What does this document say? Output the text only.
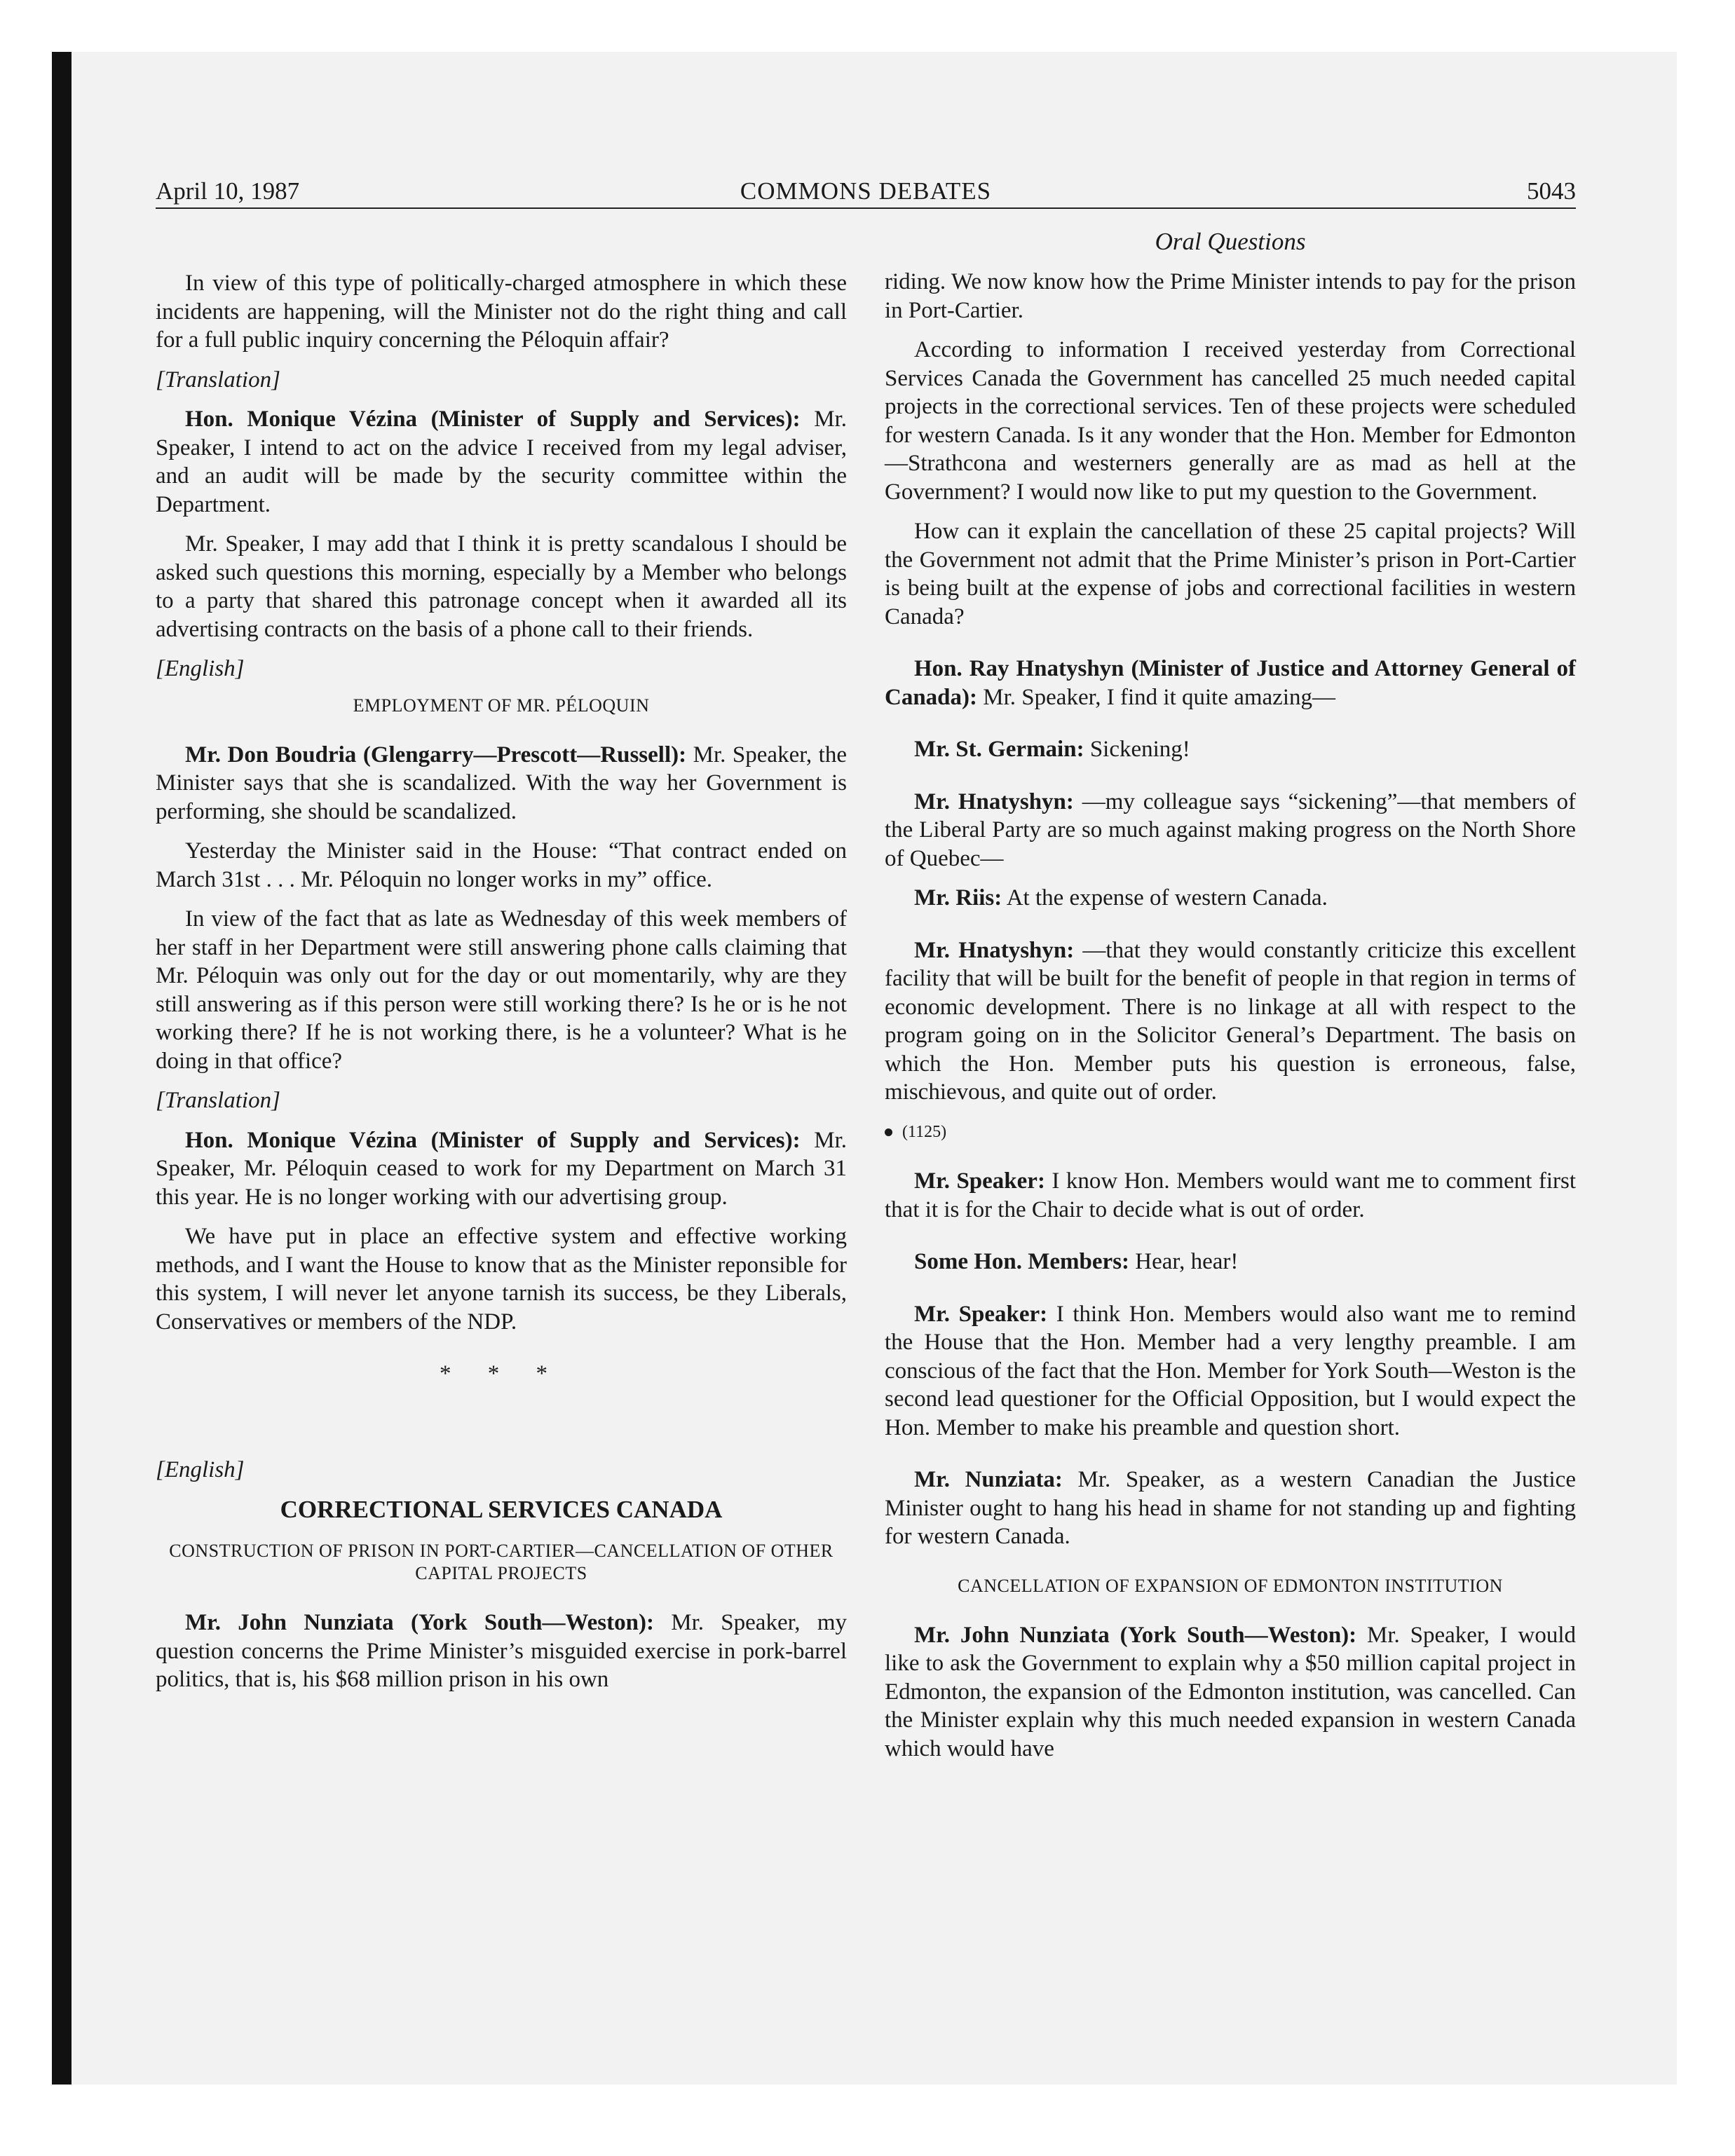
April 10, 1987	COMMONS DEBATES	5043
Oral Questions

In view of this type of politically-charged atmosphere in which these incidents are happening, will the Minister not do the right thing and call for a full public inquiry concerning the Péloquin affair?

[Translation]

Hon. Monique Vézina (Minister of Supply and Services): Mr. Speaker, I intend to act on the advice I received from my legal adviser, and an audit will be made by the security committee within the Department.

Mr. Speaker, I may add that I think it is pretty scandalous I should be asked such questions this morning, especially by a Member who belongs to a party that shared this patronage concept when it awarded all its advertising contracts on the basis of a phone call to their friends.

[English]
EMPLOYMENT OF MR. PÉLOQUIN

Mr. Don Boudria (Glengarry—Prescott—Russell): Mr. Speaker, the Minister says that she is scandalized. With the way her Government is performing, she should be scandalized.

Yesterday the Minister said in the House: “That contract ended on March 31st . . . Mr. Péloquin no longer works in my” office.

In view of the fact that as late as Wednesday of this week members of her staff in her Department were still answering phone calls claiming that Mr. Péloquin was only out for the day or out momentarily, why are they still answering as if this person were still working there? Is he or is he not working there? If he is not working there, is he a volunteer? What is he doing in that office?

[Translation]

Hon. Monique Vézina (Minister of Supply and Services): Mr. Speaker, Mr. Péloquin ceased to work for my Department on March 31 this year. He is no longer working with our advertising group.

We have put in place an effective system and effective working methods, and I want the House to know that as the Minister reponsible for this system, I will never let anyone tarnish its success, be they Liberals, Conservatives or members of the NDP.

* * *
[English]
CORRECTIONAL SERVICES CANADA
CONSTRUCTION OF PRISON IN PORT-CARTIER—CANCELLATION OF OTHER CAPITAL PROJECTS

Mr. John Nunziata (York South—Weston): Mr. Speaker, my question concerns the Prime Minister’s misguided exercise in pork-barrel politics, that is, his $68 million prison in his own

riding. We now know how the Prime Minister intends to pay for the prison in Port-Cartier.

According to information I received yesterday from Correctional Services Canada the Government has cancelled 25 much needed capital projects in the correctional services. Ten of these projects were scheduled for western Canada. Is it any wonder that the Hon. Member for Edmonton—Strathcona and westerners generally are as mad as hell at the Government? I would now like to put my question to the Government.

How can it explain the cancellation of these 25 capital projects? Will the Government not admit that the Prime Minister’s prison in Port-Cartier is being built at the expense of jobs and correctional facilities in western Canada?

Hon. Ray Hnatyshyn (Minister of Justice and Attorney General of Canada): Mr. Speaker, I find it quite amazing—

Mr. St. Germain: Sickening!

Mr. Hnatyshyn: —my colleague says “sickening”—that members of the Liberal Party are so much against making progress on the North Shore of Quebec—

Mr. Riis: At the expense of western Canada.

Mr. Hnatyshyn: —that they would constantly criticize this excellent facility that will be built for the benefit of people in that region in terms of economic development. There is no linkage at all with respect to the program going on in the Solicitor General’s Department. The basis on which the Hon. Member puts his question is erroneous, false, mischievous, and quite out of order.

(1125)

Mr. Speaker: I know Hon. Members would want me to comment first that it is for the Chair to decide what is out of order.

Some Hon. Members: Hear, hear!

Mr. Speaker: I think Hon. Members would also want me to remind the House that the Hon. Member had a very lengthy preamble. I am conscious of the fact that the Hon. Member for York South—Weston is the second lead questioner for the Official Opposition, but I would expect the Hon. Member to make his preamble and question short.

Mr. Nunziata: Mr. Speaker, as a western Canadian the Justice Minister ought to hang his head in shame for not standing up and fighting for western Canada.

CANCELLATION OF EXPANSION OF EDMONTON INSTITUTION

Mr. John Nunziata (York South—Weston): Mr. Speaker, I would like to ask the Government to explain why a $50 million capital project in Edmonton, the expansion of the Edmonton institution, was cancelled. Can the Minister explain why this much needed expansion in western Canada which would have
